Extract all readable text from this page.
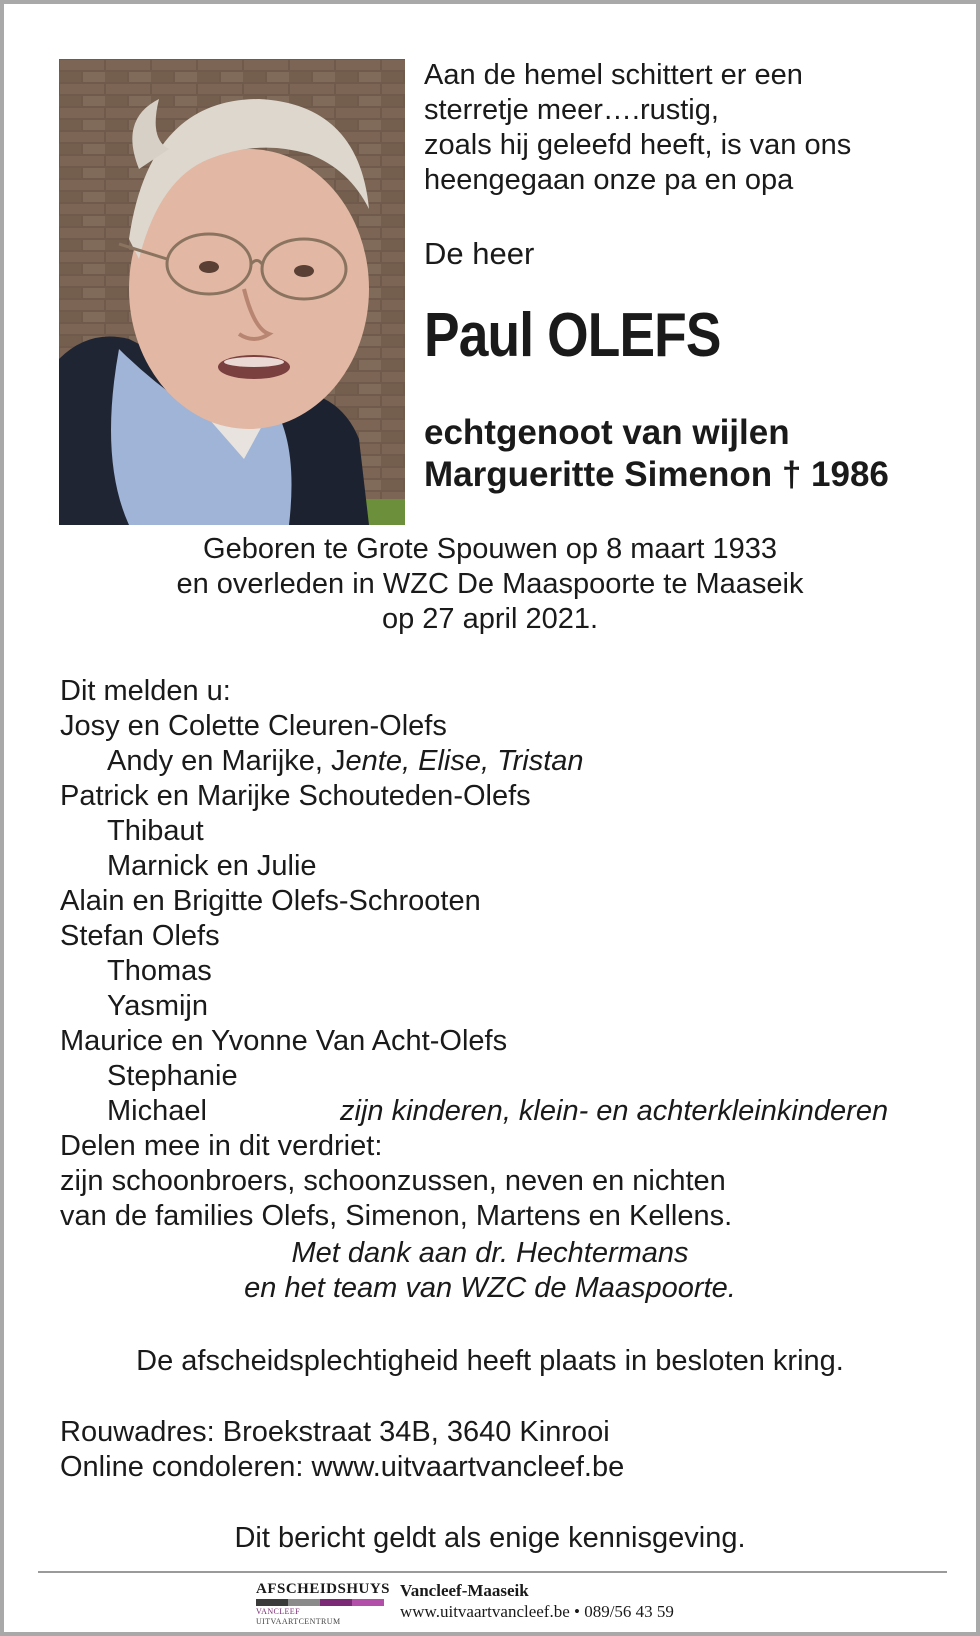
Aan de hemel schittert er een
sterretje meer….rustig,
zoals hij geleefd heeft, is van ons
heengegaan onze pa en opa
De heer
Paul OLEFS
echtgenoot van wijlen
Margueritte Simenon † 1986
Geboren te Grote Spouwen op 8 maart 1933
en overleden in WZC De Maaspoorte te Maaseik
op 27 april 2021.
Dit melden u:
Josy en Colette Cleuren-Olefs
Andy en Marijke, Jente, Elise, Tristan
Patrick en Marijke Schouteden-Olefs
Thibaut
Marnick en Julie
Alain en Brigitte Olefs-Schrooten
Stefan Olefs
Thomas
Yasmijn
Maurice en Yvonne Van Acht-Olefs
Stephanie
Michael
Delen mee in dit verdriet:
zijn schoonbroers, schoonzussen, neven en nichten
van de families Olefs, Simenon, Martens en Kellens.
zijn kinderen, klein- en achterkleinkinderen
Met dank aan dr. Hechtermans
en het team van WZC de Maaspoorte.
De afscheidsplechtigheid heeft plaats in besloten kring.
Rouwadres: Broekstraat 34B, 3640 Kinrooi
Online condoleren: www.uitvaartvancleef.be
Dit bericht geldt als enige kennisgeving.
AFSCHEIDSHUYS
VANCLEEF UITVAARTCENTRUM
Vancleef-Maaseik
www.uitvaartvancleef.be • 089/56 43 59
